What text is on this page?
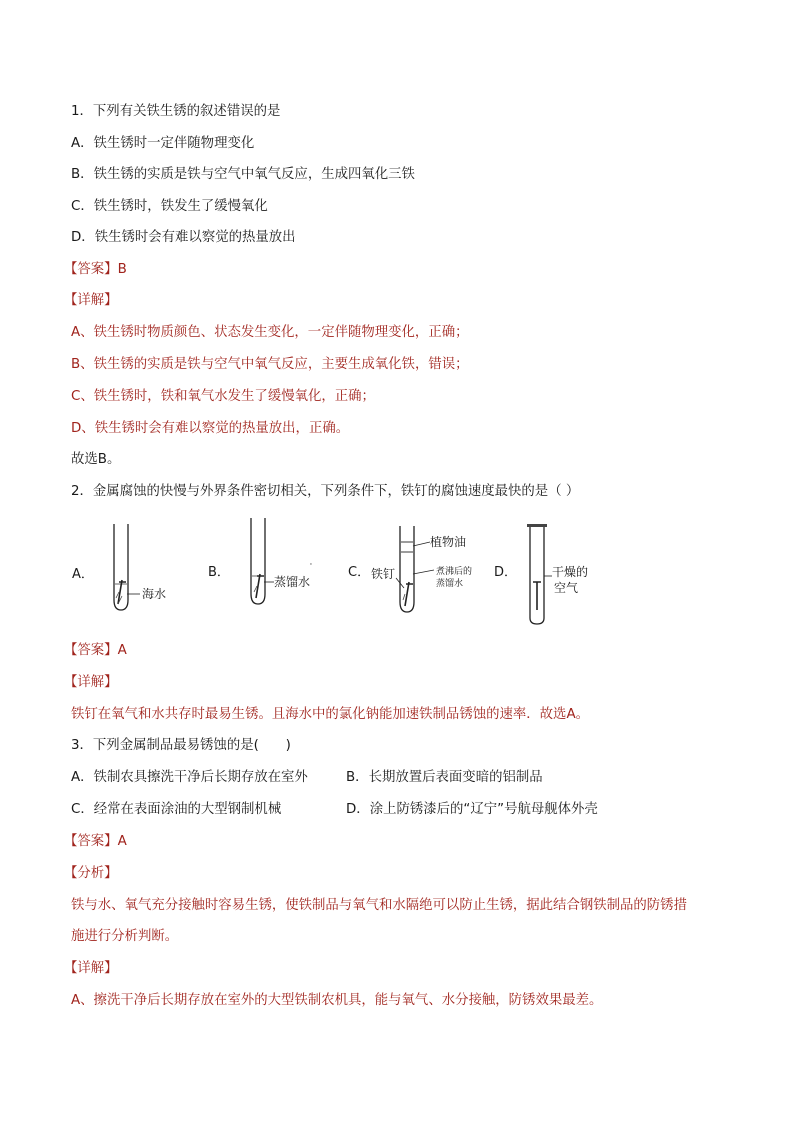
1．下列有关铁生锈的叙述错误的是
A．铁生锈时一定伴随物理变化
B．铁生锈的实质是铁与空气中氧气反应，生成四氧化三铁
C．铁生锈时，铁发生了缓慢氧化
D．铁生锈时会有难以察觉的热量放出
【答案】B
【详解】
A、铁生锈时物质颜色、状态发生变化，一定伴随物理变化，正确；
B、铁生锈的实质是铁与空气中氧气反应，主要生成氧化铁，错误；
C、铁生锈时，铁和氧气水发生了缓慢氧化，正确；
D、铁生锈时会有难以察觉的热量放出，正确。
故选B。
2．金属腐蚀的快慢与外界条件密切相关，下列条件下，铁钉的腐蚀速度最快的是（ ）
A．
海水
B．
蒸馏水
'	C．
植物油
铁钉	煮沸后的
蒸馏水
D．	干燥的
空气
【答案】A
【详解】
铁钉在氧气和水共存时最易生锈。且海水中的氯化钠能加速铁制品锈蚀的速率．故选A。
3．下列金属制品最易锈蚀的是(　　)
A．铁制农具擦洗干净后长期存放在室外	B．长期放置后表面变暗的铝制品
C．经常在表面涂油的大型钢制机械	D．涂上防锈漆后的“辽宁”号航母舰体外壳
【答案】A
【分析】
铁与水、氧气充分接触时容易生锈，使铁制品与氧气和水隔绝可以防止生锈，据此结合钢铁制品的防锈措
施进行分析判断。
【详解】
A、擦洗干净后长期存放在室外的大型铁制农机具，能与氧气、水分接触，防锈效果最差。
